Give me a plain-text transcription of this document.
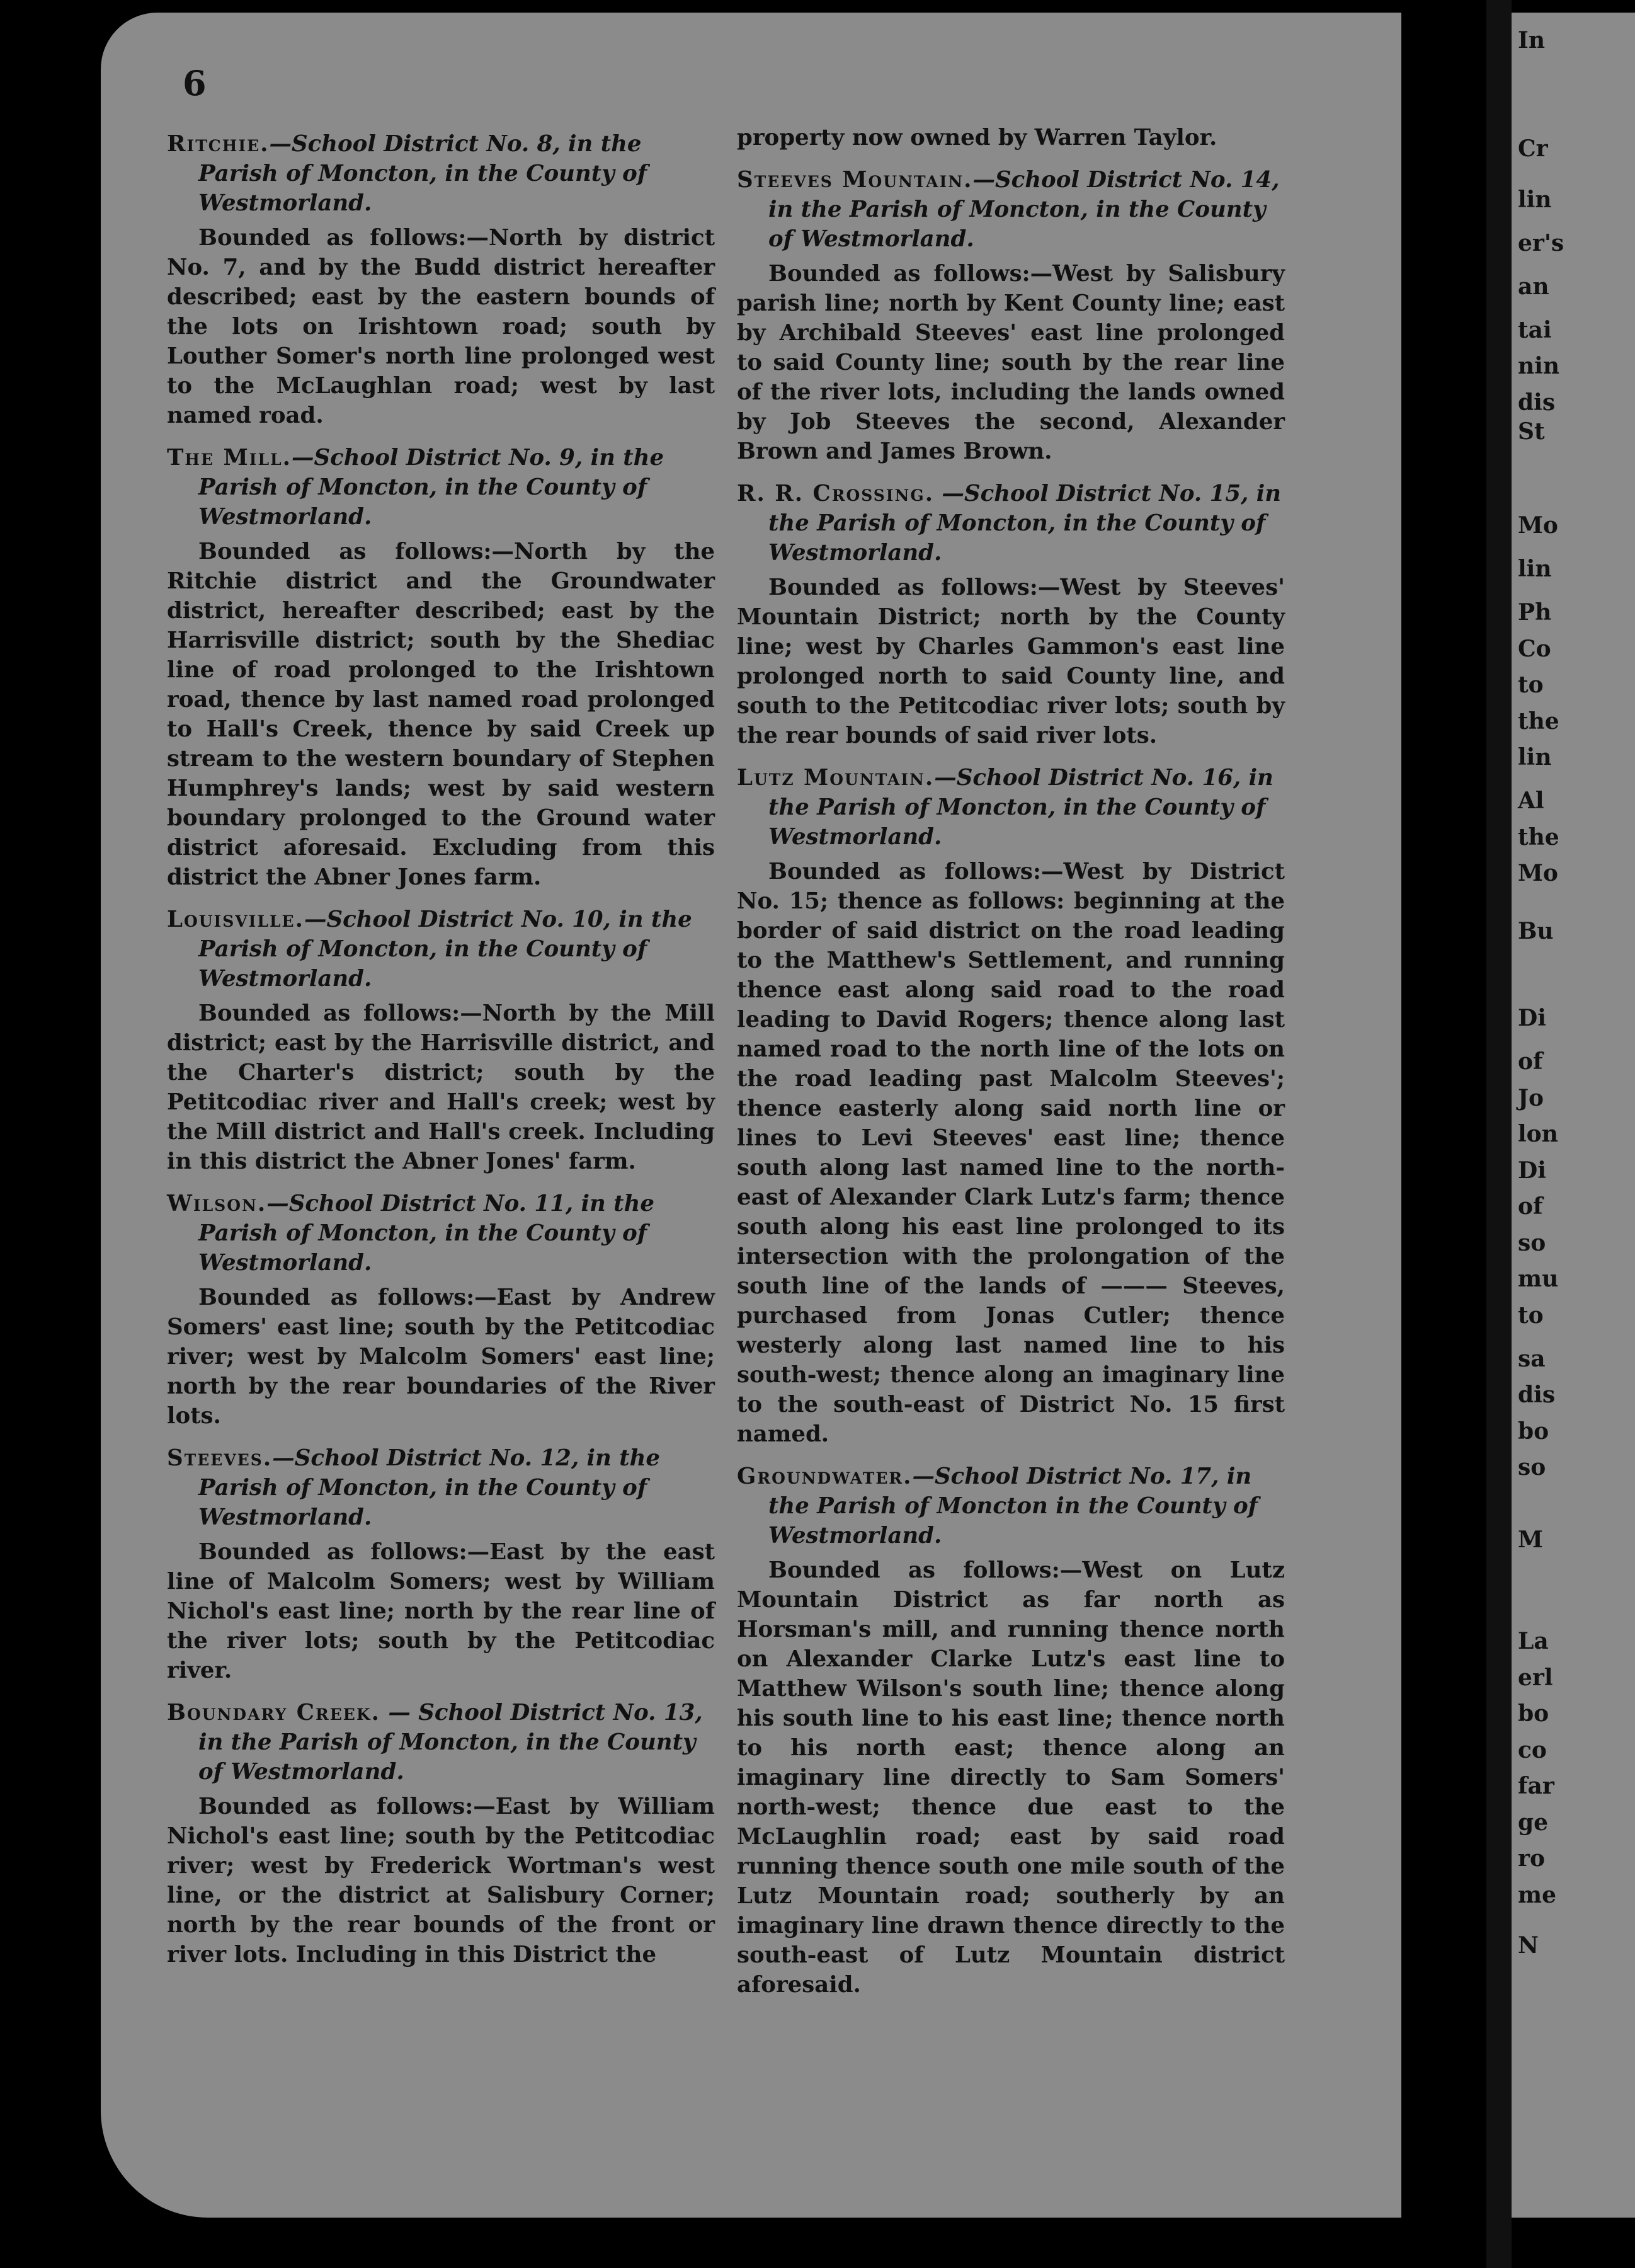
In
Cr
lin
er's
an
tai
nin
dis
St
Mo
lin
Ph
Co
to
the
lin
Al
the
Mo
Bu
Di
of
Jo
lon
Di
of
so
mu
to
sa
dis
bo
so
M
La
erl
bo
co
far
ge
ro
me
N
6
Ritchie.—School District No. 8, in the Parish of Moncton, in the County of Westmorland.
Bounded as follows:—North by district No. 7, and by the Budd district hereafter described; east by the eastern bounds of the lots on Irishtown road; south by Louther Somer's north line prolonged west to the McLaughlan road; west by last named road.
The Mill.—School District No. 9, in the Parish of Moncton, in the County of Westmorland.
Bounded as follows:—North by the Ritchie district and the Groundwater district, hereafter described; east by the Harrisville district; south by the Shediac line of road prolonged to the Irishtown road, thence by last named road prolonged to Hall's Creek, thence by said Creek up stream to the western boundary of Stephen Humphrey's lands; west by said western boundary prolonged to the Ground water district aforesaid. Excluding from this district the Abner Jones farm.
Louisville.—School District No. 10, in the Parish of Moncton, in the County of Westmorland.
Bounded as follows:—North by the Mill district; east by the Harrisville district, and the Charter's district; south by the Petitcodiac river and Hall's creek; west by the Mill district and Hall's creek. Including in this district the Abner Jones' farm.
Wilson.—School District No. 11, in the Parish of Moncton, in the County of Westmorland.
Bounded as follows:—East by Andrew Somers' east line; south by the Petitcodiac river; west by Malcolm Somers' east line; north by the rear boundaries of the River lots.
Steeves.—School District No. 12, in the Parish of Moncton, in the County of Westmorland.
Bounded as follows:—East by the east line of Malcolm Somers; west by William Nichol's east line; north by the rear line of the river lots; south by the Petitcodiac river.
Boundary Creek. — School District No. 13, in the Parish of Moncton, in the County of Westmorland.
Bounded as follows:—East by William Nichol's east line; south by the Petitcodiac river; west by Frederick Wortman's west line, or the district at Salisbury Corner; north by the rear bounds of the front or river lots. Including in this District the
property now owned by Warren Taylor.
Steeves Mountain.—School District No. 14, in the Parish of Moncton, in the County of Westmorland.
Bounded as follows:—West by Salisbury parish line; north by Kent County line; east by Archibald Steeves' east line prolonged to said County line; south by the rear line of the river lots, including the lands owned by Job Steeves the second, Alexander Brown and James Brown.
R. R. Crossing. —School District No. 15, in the Parish of Moncton, in the County of Westmorland.
Bounded as follows:—West by Steeves' Mountain District; north by the County line; west by Charles Gammon's east line prolonged north to said County line, and south to the Petitcodiac river lots; south by the rear bounds of said river lots.
Lutz Mountain.—School District No. 16, in the Parish of Moncton, in the County of Westmorland.
Bounded as follows:—West by District No. 15; thence as follows: beginning at the border of said district on the road leading to the Matthew's Settlement, and running thence east along said road to the road leading to David Rogers; thence along last named road to the north line of the lots on the road leading past Malcolm Steeves'; thence easterly along said north line or lines to Levi Steeves' east line; thence south along last named line to the north-east of Alexander Clark Lutz's farm; thence south along his east line prolonged to its intersection with the prolongation of the south line of the lands of ——— Steeves, purchased from Jonas Cutler; thence westerly along last named line to his south-west; thence along an imaginary line to the south-east of District No. 15 first named.
Groundwater.—School District No. 17, in the Parish of Moncton in the County of Westmorland.
Bounded as follows:—West on Lutz Mountain District as far north as Horsman's mill, and running thence north on Alexander Clarke Lutz's east line to Matthew Wilson's south line; thence along his south line to his east line; thence north to his north east; thence along an imaginary line directly to Sam Somers' north-west; thence due east to the McLaughlin road; east by said road running thence south one mile south of the Lutz Mountain road; southerly by an imaginary line drawn thence directly to the south-east of Lutz Mountain district aforesaid.
